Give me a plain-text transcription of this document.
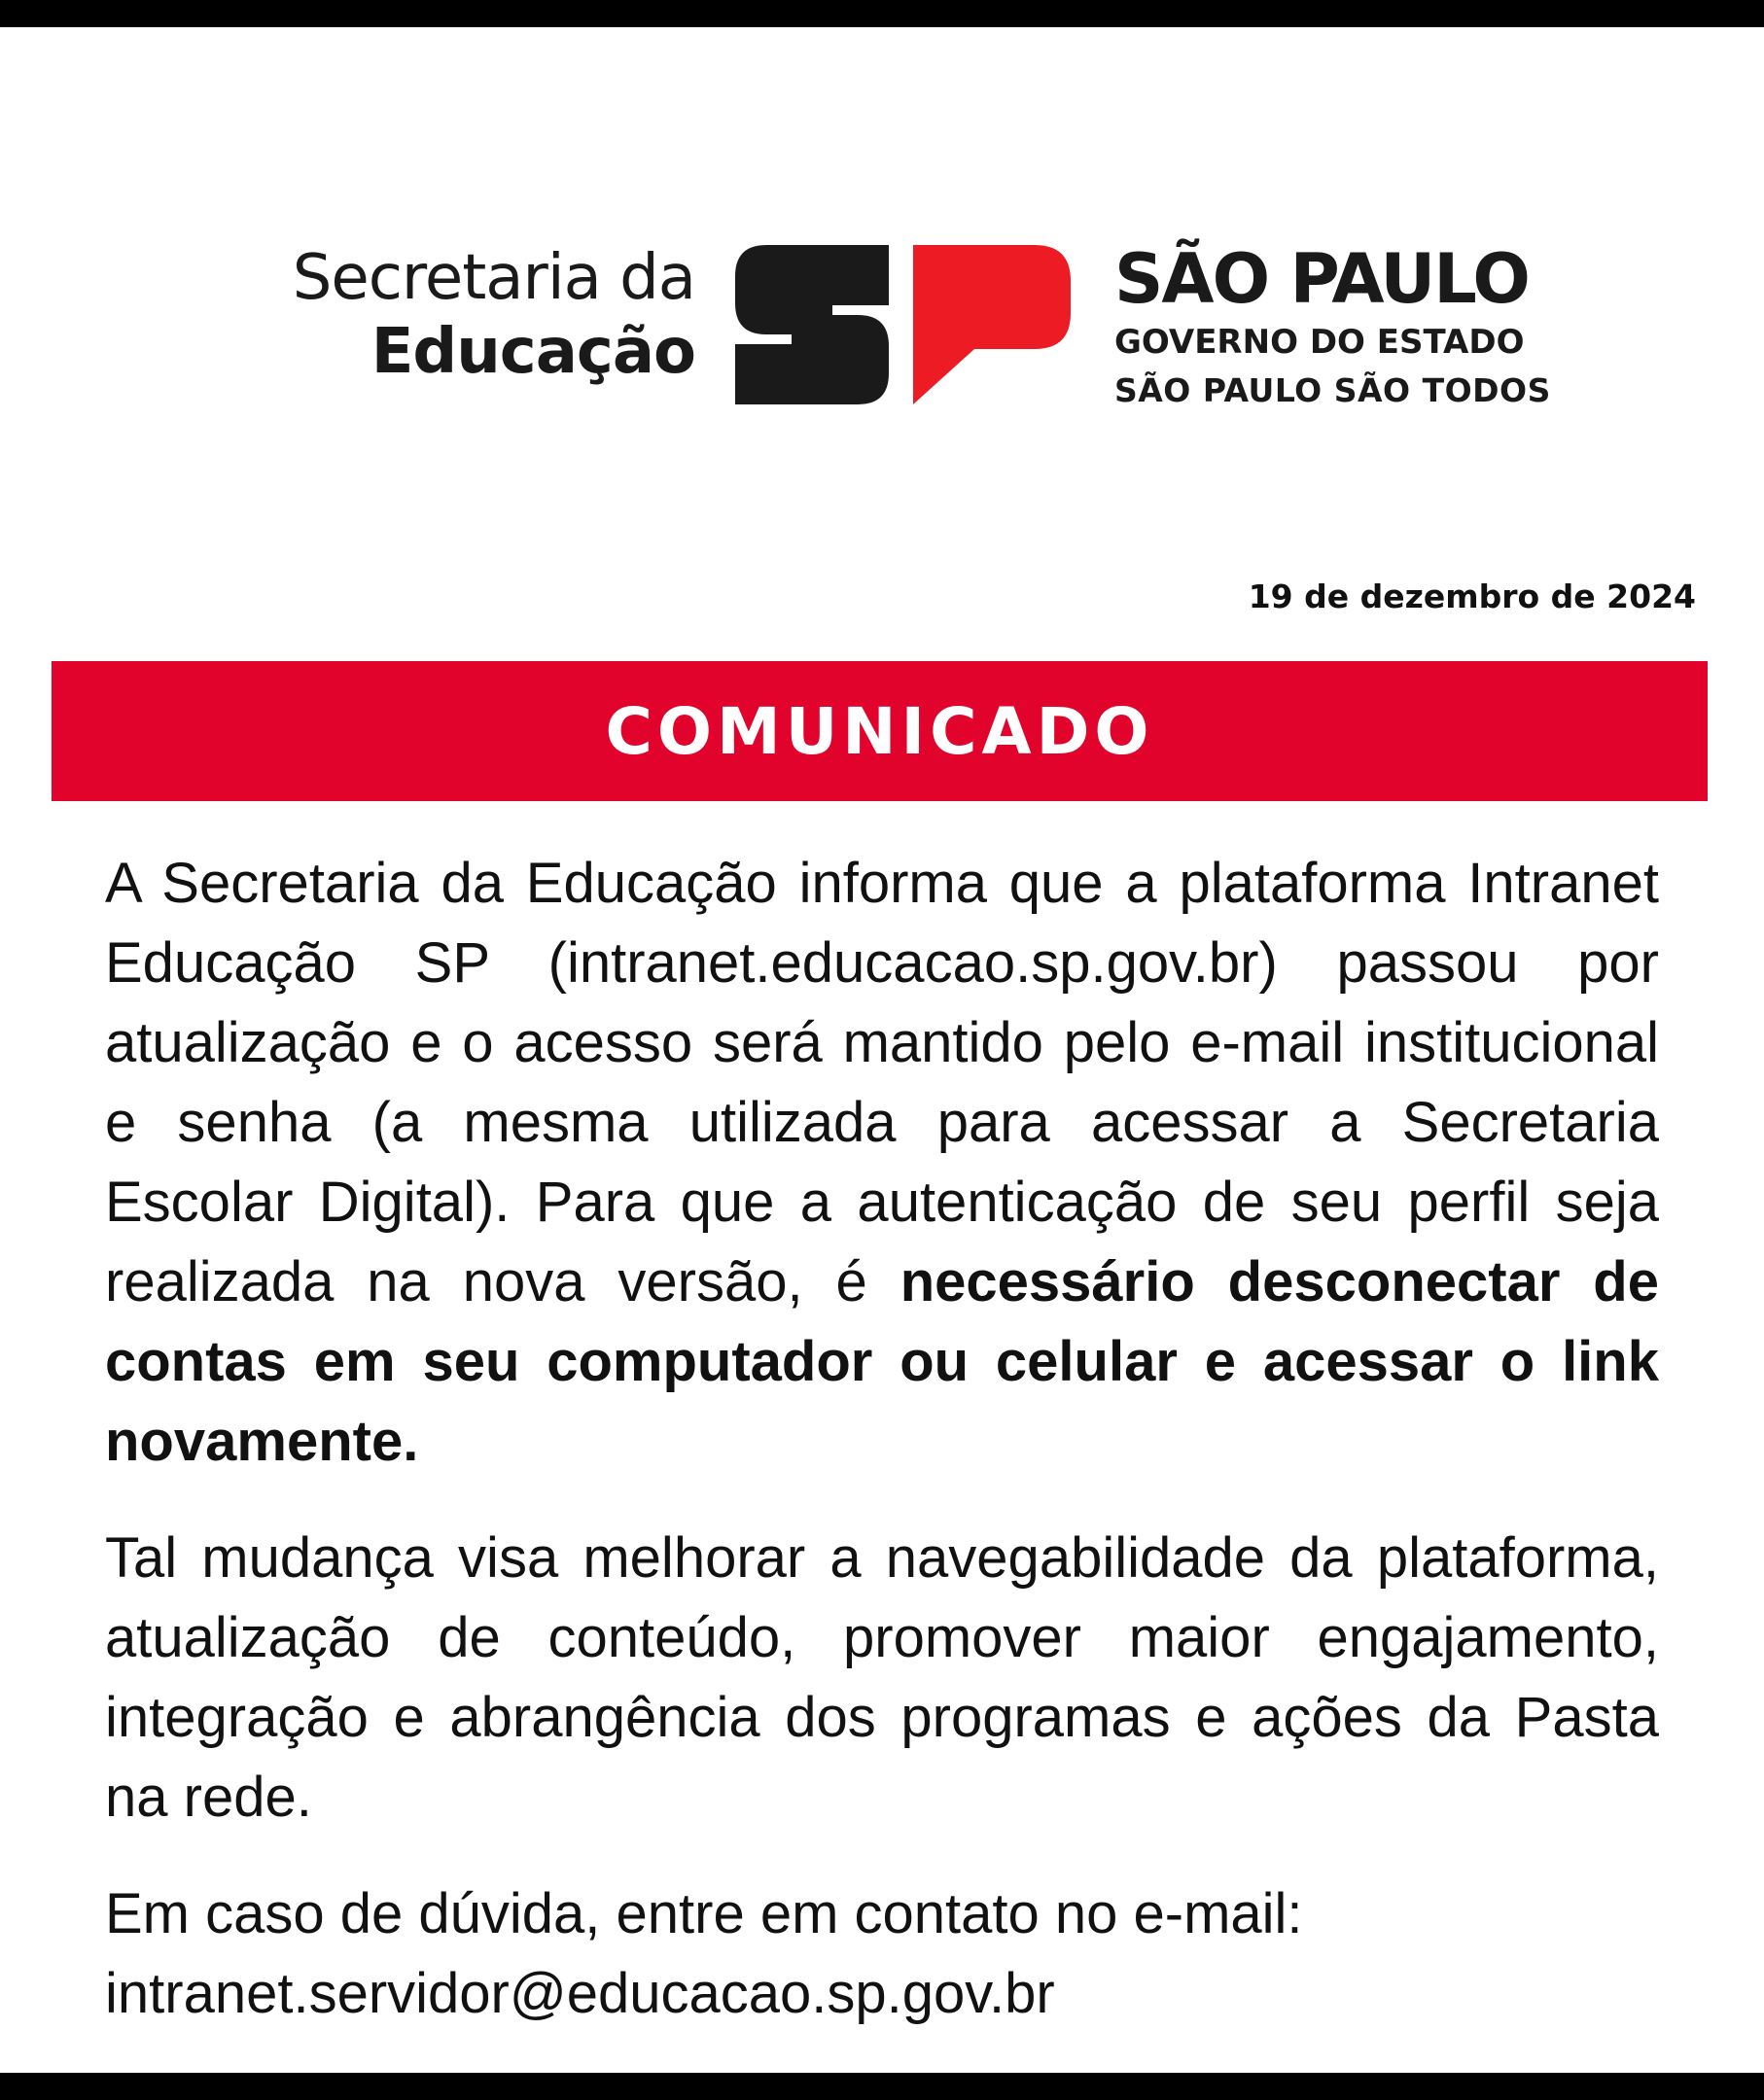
Secretaria da
Educação
SÃO PAULO
GOVERNO DO ESTADO
SÃO PAULO SÃO TODOS
19 de dezembro de 2024
COMUNICADO

A Secretaria da Educação informa que a plataforma Intranet Educação SP (intranet.educacao.sp.gov.br) passou por atualização e o acesso será mantido pelo e-mail institucional e senha (a mesma utilizada para acessar a Secretaria Escolar Digital). Para que a autenticação de seu perfil seja realizada na nova versão, é necessário desconectar de contas em seu computador ou celular e acessar o link novamente.

Tal mudança visa melhorar a navegabilidade da plataforma, atualização de conteúdo, promover maior engajamento, integração e abrangência dos programas e ações da Pasta na rede.

Em caso de dúvida, entre em contato no e-mail:
intranet.servidor@educacao.sp.gov.br
